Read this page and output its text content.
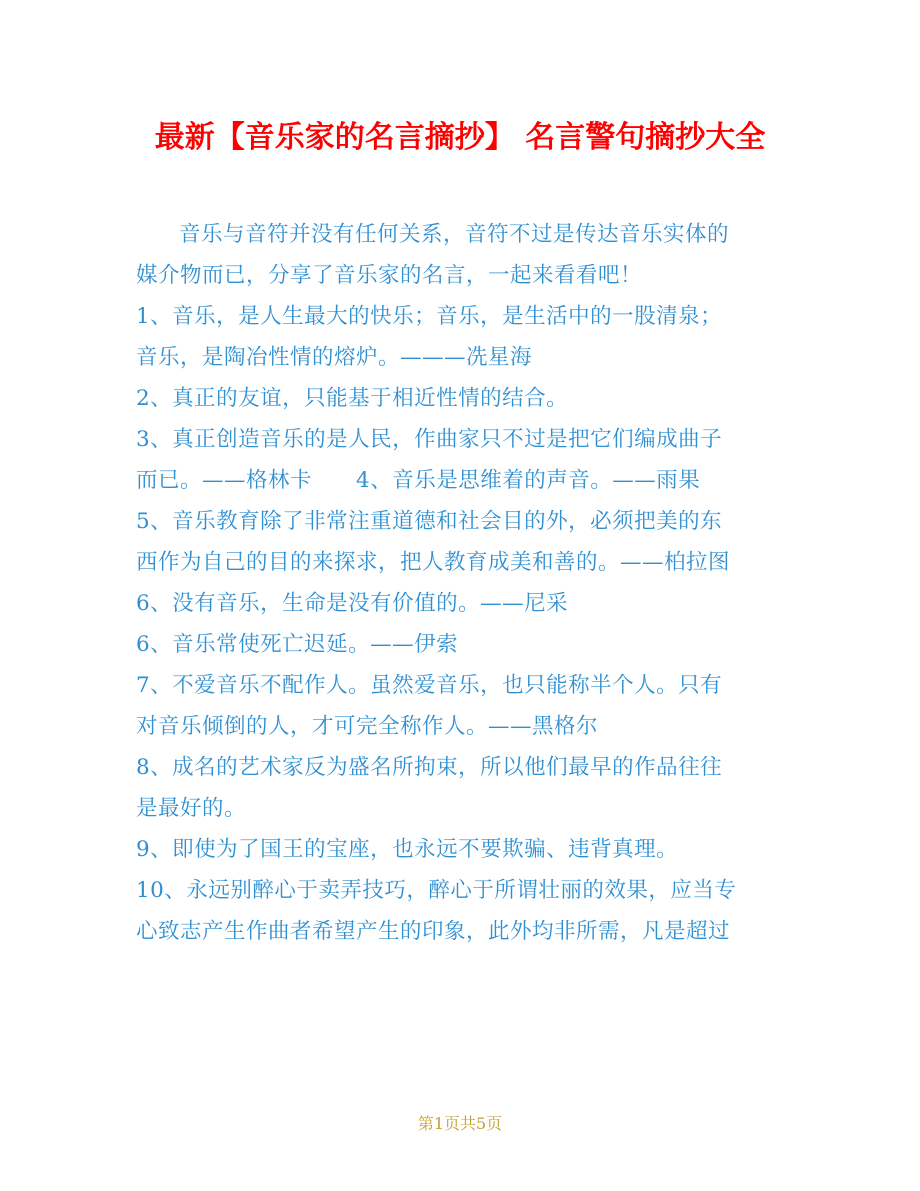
最新【音乐家的名言摘抄】 名言警句摘抄大全
音乐与音符并没有任何关系，音符不过是传达音乐实体的
媒介物而已，分享了音乐家的名言，一起来看看吧！
1、音乐，是人生最大的快乐；音乐，是生活中的一股清泉；
音乐，是陶冶性情的熔炉。———冼星海
2、真正的友谊，只能基于相近性情的结合。
3、真正创造音乐的是人民，作曲家只不过是把它们编成曲子
而已。——格林卡 4、音乐是思维着的声音。——雨果
5、音乐教育除了非常注重道德和社会目的外，必须把美的东
西作为自己的目的来探求，把人教育成美和善的。——柏拉图
6、没有音乐，生命是没有价值的。——尼采
6、音乐常使死亡迟延。——伊索
7、不爱音乐不配作人。虽然爱音乐，也只能称半个人。只有
对音乐倾倒的人，才可完全称作人。——黑格尔
8、成名的艺术家反为盛名所拘束，所以他们最早的作品往往
是最好的。
9、即使为了国王的宝座，也永远不要欺骗、违背真理。
10、永远别醉心于卖弄技巧，醉心于所谓壮丽的效果，应当专
心致志产生作曲者希望产生的印象，此外均非所需，凡是超过
第1页共5页
